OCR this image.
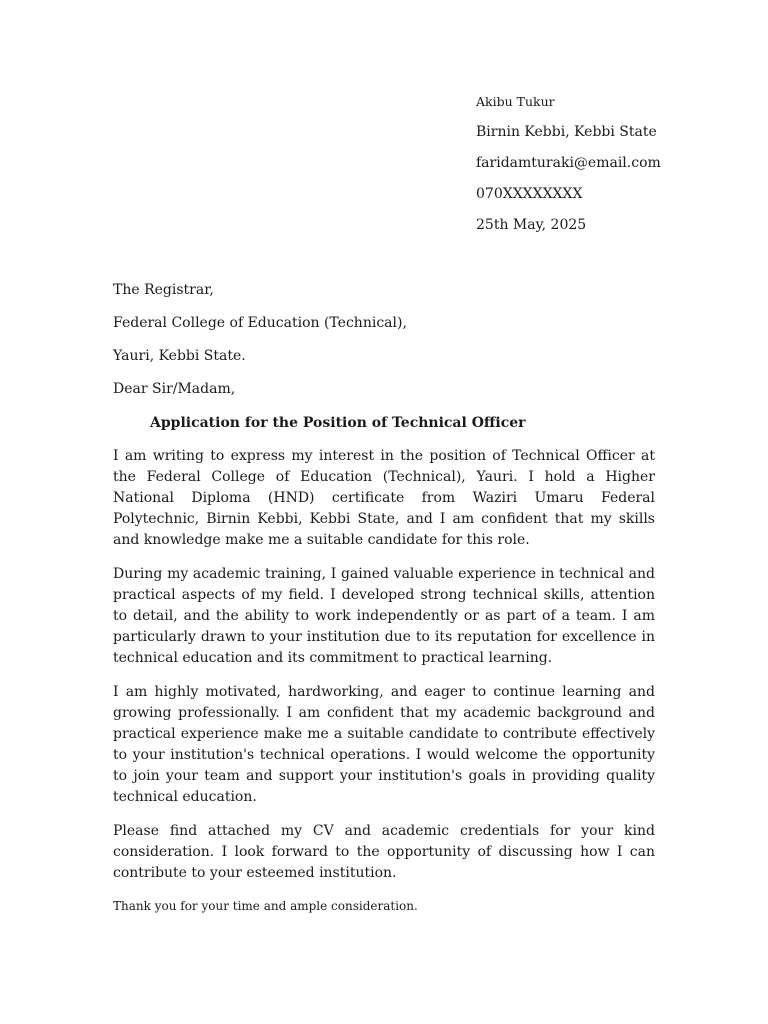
Akibu Tukur
Birnin Kebbi, Kebbi State
faridamturaki@email.com
070XXXXXXXX
25th May, 2025
The Registrar,
Federal College of Education (Technical),
Yauri, Kebbi State.
Dear Sir/Madam,
Application for the Position of Technical Officer

I am writing to express my interest in the position of Technical Officer at the Federal College of Education (Technical), Yauri. I hold a Higher National Diploma (HND) certificate from Waziri Umaru Federal Polytechnic, Birnin Kebbi, Kebbi State, and I am confident that my skills and knowledge make me a suitable candidate for this role.

During my academic training, I gained valuable experience in technical and practical aspects of my field. I developed strong technical skills, attention to detail, and the ability to work independently or as part of a team. I am particularly drawn to your institution due to its reputation for excellence in technical education and its commitment to practical learning.

I am highly motivated, hardworking, and eager to continue learning and growing professionally. I am confident that my academic background and practical experience make me a suitable candidate to contribute effectively to your institution's technical operations. I would welcome the opportunity to join your team and support your institution's goals in providing quality technical education.

Please find attached my CV and academic credentials for your kind consideration. I look forward to the opportunity of discussing how I can contribute to your esteemed institution.

Thank you for your time and ample consideration.
